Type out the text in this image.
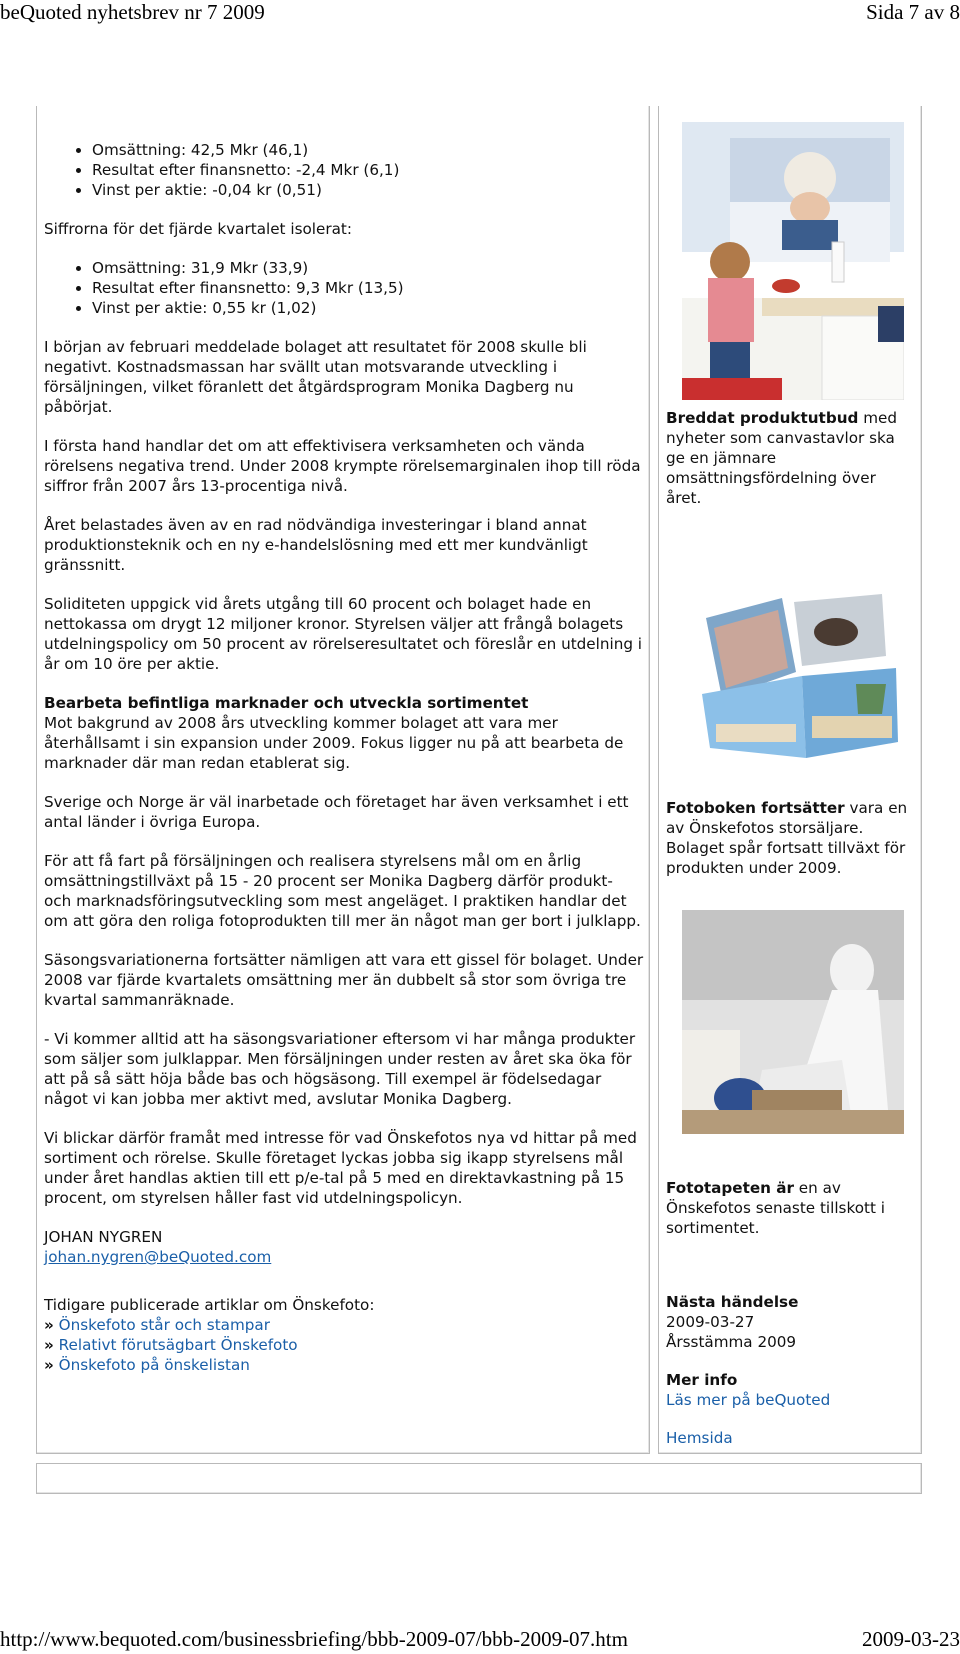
beQuoted nyhetsbrev nr 7 2009	Sida 7 av 8
• Omsättning: 42,5 Mkr (46,1)
• Resultat efter finansnetto: -2,4 Mkr (6,1)
• Vinst per aktie: -0,04 kr (0,51)

Siffrorna för det fjärde kvartalet isolerat:

• Omsättning: 31,9 Mkr (33,9)
• Resultat efter finansnetto: 9,3 Mkr (13,5)
• Vinst per aktie: 0,55 kr (1,02)

I början av februari meddelade bolaget att resultatet för 2008 skulle bli negativt. Kostnadsmassan har svällt utan motsvarande utveckling i försäljningen, vilket föranlett det åtgärdsprogram Monika Dagberg nu påbörjat.

I första hand handlar det om att effektivisera verksamheten och vända rörelsens negativa trend. Under 2008 krympte rörelsemarginalen ihop till röda siffror från 2007 års 13-procentiga nivå.

Året belastades även av en rad nödvändiga investeringar i bland annat produktionsteknik och en ny e-handelslösning med ett mer kundvänligt gränssnitt.

Soliditeten uppgick vid årets utgång till 60 procent och bolaget hade en nettokassa om drygt 12 miljoner kronor. Styrelsen väljer att frångå bolagets utdelningspolicy om 50 procent av rörelseresultatet och föreslår en utdelning i år om 10 öre per aktie.

Bearbeta befintliga marknader och utveckla sortimentet

Mot bakgrund av 2008 års utveckling kommer bolaget att vara mer återhållsamt i sin expansion under 2009. Fokus ligger nu på att bearbeta de marknader där man redan etablerat sig.

Sverige och Norge är väl inarbetade och företaget har även verksamhet i ett antal länder i övriga Europa.

För att få fart på försäljningen och realisera styrelsens mål om en årlig omsättningstillväxt på 15 - 20 procent ser Monika Dagberg därför produkt- och marknadsföringsutveckling som mest angeläget. I praktiken handlar det om att göra den roliga fotoprodukten till mer än något man ger bort i julklapp.

Säsongsvariationerna fortsätter nämligen att vara ett gissel för bolaget. Under 2008 var fjärde kvartalets omsättning mer än dubbelt så stor som övriga tre kvartal sammanräknade.

- Vi kommer alltid att ha säsongsvariationer eftersom vi har många produkter som säljer som julklappar. Men försäljningen under resten av året ska öka för att på så sätt höja både bas och högsäsong. Till exempel är födelsedagar något vi kan jobba mer aktivt med, avslutar Monika Dagberg.

Vi blickar därför framåt med intresse för vad Önskefotos nya vd hittar på med sortiment och rörelse. Skulle företaget lyckas jobba sig ikapp styrelsens mål under året handlas aktien till ett p/e-tal på 5 med en direktavkastning på 15 procent, om styrelsen håller fast vid utdelningspolicyn.

JOHAN NYGREN
johan.nygren@beQuoted.com

Tidigare publicerade artiklar om Önskefoto:
» Önskefoto står och stampar
» Relativt förutsägbart Önskefoto
» Önskefoto på önskelistan

Breddat produktutbud med nyheter som canvastavlor ska ge en jämnare omsättningsfördelning över året.
Fotoboken fortsätter vara en av Önskefotos storsäljare. Bolaget spår fortsatt tillväxt för produkten under 2009.
Fototapeten är en av Önskefotos senaste tillskott i sortimentet.
Nästa händelse
2009-03-27
Årsstämma 2009
Mer info
Läs mer på beQuoted

Hemsida
http://www.bequoted.com/businessbriefing/bbb-2009-07/bbb-2009-07.htm	2009-03-23
